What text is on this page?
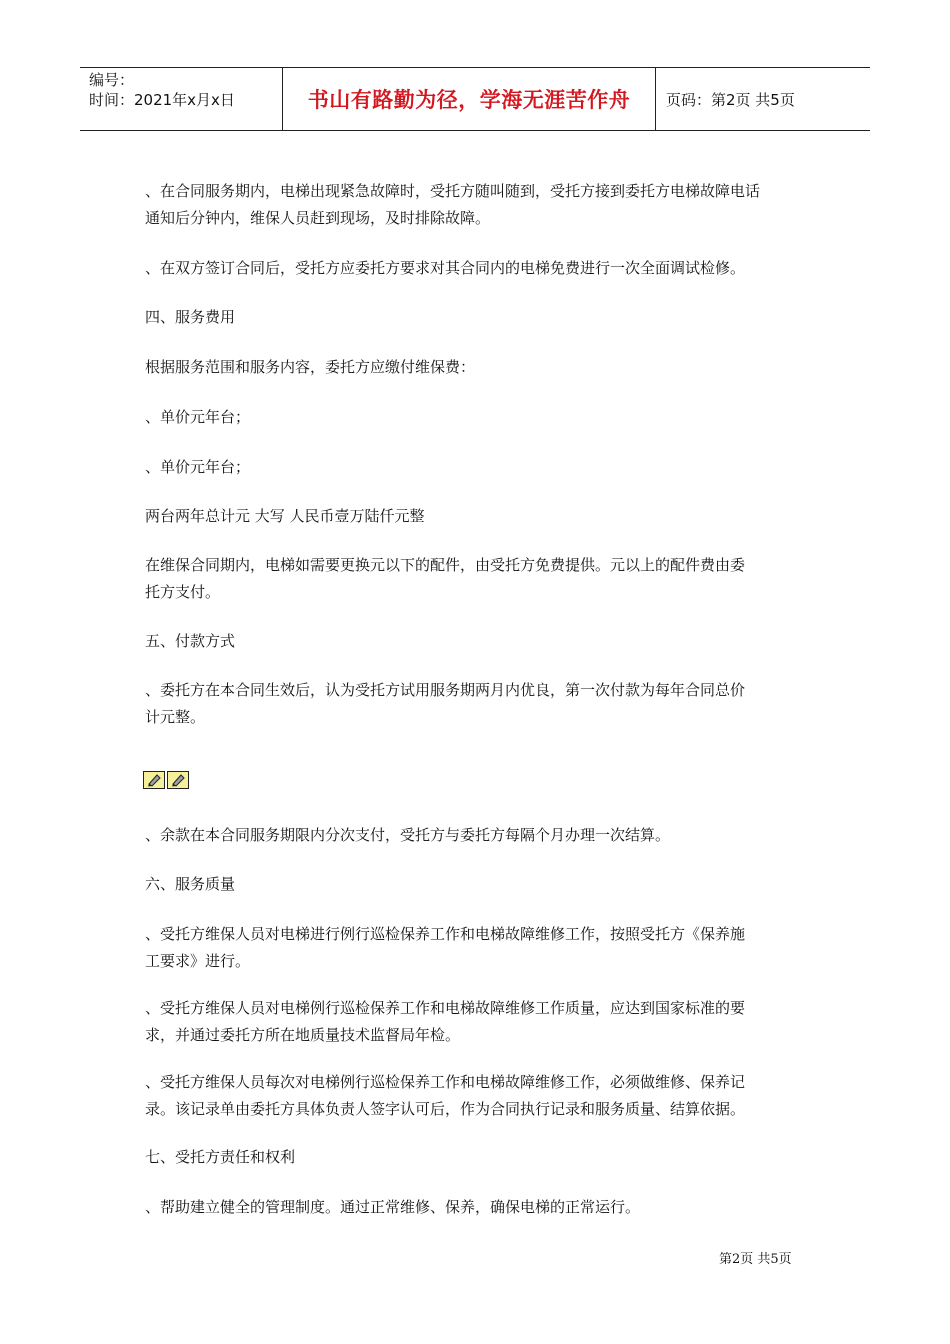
编号：
时间：2021年x月x日	书山有路勤为径，学海无涯苦作舟	页码：第2页 共5页
、在合同服务期内，电梯出现紧急故障时，受托方随叫随到，受托方接到委托方电梯故障电话
通知后分钟内，维保人员赶到现场，及时排除故障。
、在双方签订合同后，受托方应委托方要求对其合同内的电梯免费进行一次全面调试检修。
四、服务费用
根据服务范围和服务内容，委托方应缴付维保费：
、单价元年台；
、单价元年台；
两台两年总计元 大写 人民币壹万陆仟元整
在维保合同期内，电梯如需要更换元以下的配件，由受托方免费提供。元以上的配件费由委
托方支付。
五、付款方式
、委托方在本合同生效后，认为受托方试用服务期两月内优良，第一次付款为每年合同总价
计元整。
、余款在本合同服务期限内分次支付，受托方与委托方每隔个月办理一次结算。
六、服务质量
、受托方维保人员对电梯进行例行巡检保养工作和电梯故障维修工作，按照受托方《保养施
工要求》进行。
、受托方维保人员对电梯例行巡检保养工作和电梯故障维修工作质量，应达到国家标准的要
求，并通过委托方所在地质量技术监督局年检。
、受托方维保人员每次对电梯例行巡检保养工作和电梯故障维修工作，必须做维修、保养记
录。该记录单由委托方具体负责人签字认可后，作为合同执行记录和服务质量、结算依据。
七、受托方责任和权利
、帮助建立健全的管理制度。通过正常维修、保养，确保电梯的正常运行。
第2页 共5页
